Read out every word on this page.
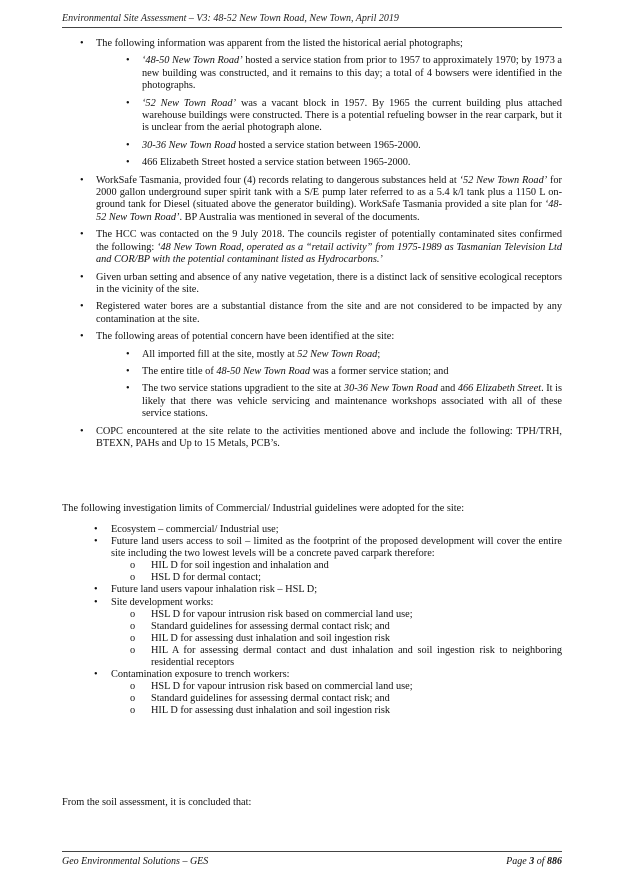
Environmental Site Assessment – V3: 48-52 New Town Road, New Town, April 2019
• The following information was apparent from the listed the historical aerial photographs;
• ‘48-50 New Town Road’ hosted a service station from prior to 1957 to approximately 1970; by 1973 a new building was constructed, and it remains to this day; a total of 4 bowsers were identified in the photographs.
• ‘52 New Town Road’ was a vacant block in 1957. By 1965 the current building plus attached warehouse buildings were constructed. There is a potential refueling bowser in the rear carpark, but it is unclear from the aerial photograph alone.
• 30-36 New Town Road hosted a service station between 1965-2000.
• 466 Elizabeth Street hosted a service station between 1965-2000.
• WorkSafe Tasmania, provided four (4) records relating to dangerous substances held at ‘52 New Town Road’ for 2000 gallon underground super spirit tank with a S/E pump later referred to as a 5.4 k/l tank plus a 1150 L on-ground tank for Diesel (situated above the generator building). WorkSafe Tasmania provided a site plan for ‘48-52 New Town Road’. BP Australia was mentioned in several of the documents.
• The HCC was contacted on the 9 July 2018. The councils register of potentially contaminated sites confirmed the following: ‘48 New Town Road, operated as a “retail activity” from 1975-1989 as Tasmanian Television Ltd and COR/BP with the potential contaminant listed as Hydrocarbons.’
• Given urban setting and absence of any native vegetation, there is a distinct lack of sensitive ecological receptors in the vicinity of the site.
• Registered water bores are a substantial distance from the site and are not considered to be impacted by any contamination at the site.
• The following areas of potential concern have been identified at the site:
• All imported fill at the site, mostly at 52 New Town Road;
• The entire title of 48-50 New Town Road was a former service station; and
• The two service stations upgradient to the site at 30-36 New Town Road and 466 Elizabeth Street. It is likely that there was vehicle servicing and maintenance workshops associated with all of these service stations.
• COPC encountered at the site relate to the activities mentioned above and include the following: TPH/TRH, BTEXN, PAHs and Up to 15 Metals, PCB’s.
The following investigation limits of Commercial/ Industrial guidelines were adopted for the site:
• Ecosystem – commercial/ Industrial use;
• Future land users access to soil – limited as the footprint of the proposed development will cover the entire site including the two lowest levels will be a concrete paved carpark therefore:
o HIL D for soil ingestion and inhalation and
o HSL D for dermal contact;
• Future land users vapour inhalation risk – HSL D;
• Site development works:
o HSL D for vapour intrusion risk based on commercial land use;
o Standard guidelines for assessing dermal contact risk; and
o HIL D for assessing dust inhalation and soil ingestion risk
o HIL A for assessing dermal contact and dust inhalation and soil ingestion risk to neighboring residential receptors
• Contamination exposure to trench workers:
o HSL D for vapour intrusion risk based on commercial land use;
o Standard guidelines for assessing dermal contact risk; and
o HIL D for assessing dust inhalation and soil ingestion risk
From the soil assessment, it is concluded that:
Geo Environmental Solutions – GES	Page 3 of 886
